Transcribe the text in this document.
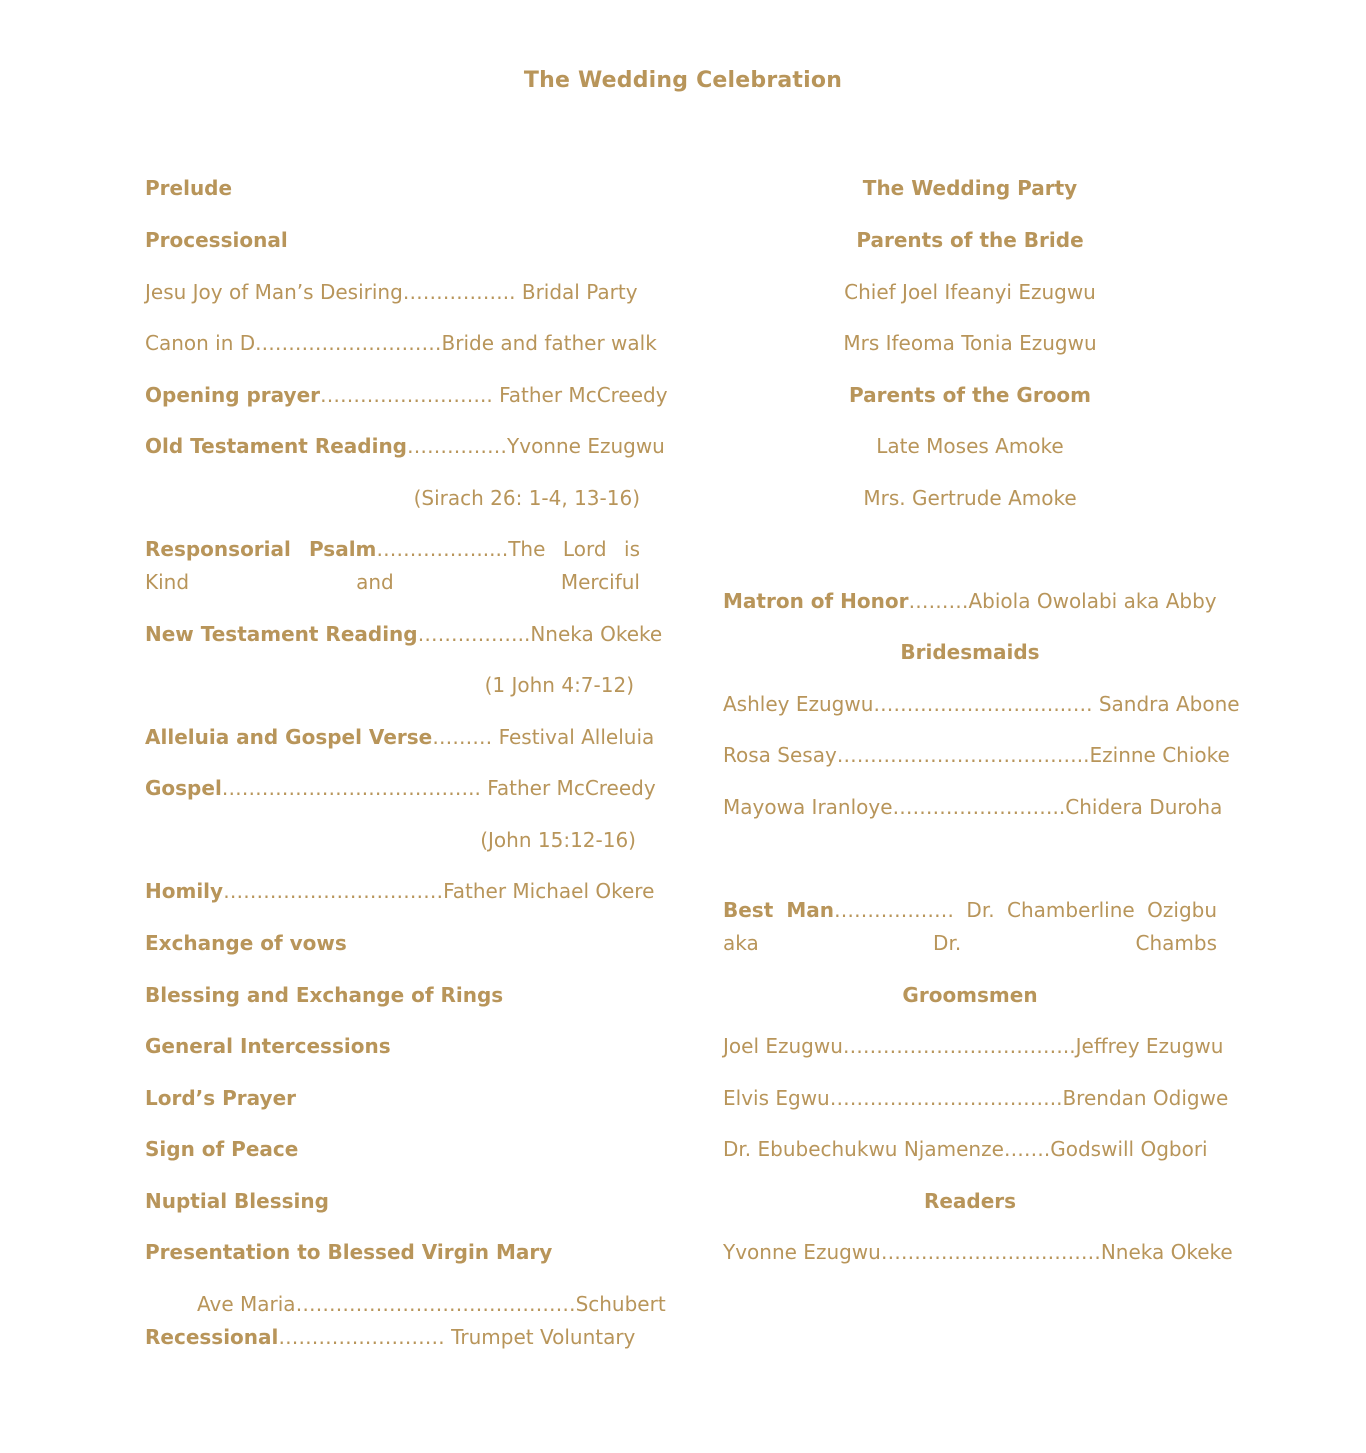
The Wedding Celebration
Prelude
Processional
Jesu Joy of Man’s Desiring…………….. Bridal Party
Canon in D.………………………Bride and father walk
Opening prayer…………………….. Father McCreedy
Old Testament Reading……………Yvonne Ezugwu
(Sirach 26: 1-4, 13-16)
Responsorial Psalm…………….....The Lord is Kind and Merciful
New Testament Reading……………..Nneka Okeke
(1 John 4:7-12)
Alleluia and Gospel Verse……… Festival Alleluia
Gospel………………….…………….. Father McCreedy
(John 15:12-16)
Homily……………………………Father Michael Okere
Exchange of vows
Blessing and Exchange of Rings
General Intercessions
Lord’s Prayer
Sign of Peace
Nuptial Blessing
Presentation to Blessed Virgin Mary
Ave Maria……………………………………Schubert
Recessional………….………… Trumpet Voluntary
The Wedding Party
Parents of the Bride
Chief Joel Ifeanyi Ezugwu
Mrs Ifeoma Tonia Ezugwu
Parents of the Groom
Late Moses Amoke
Mrs. Gertrude Amoke
Matron of Honor………Abiola Owolabi aka Abby
Bridesmaids
Ashley Ezugwu………………………..…. Sandra Abone
Rosa Sesay………………………………..Ezinne Chioke
Mayowa Iranloye……………………..Chidera Duroha
Best Man……………… Dr. Chamberline Ozigbu aka Dr. Chambs
Groomsmen
Joel Ezugwu……………………………..Jeffrey Ezugwu
Elvis Egwu……………………………..Brendan Odigwe
Dr. Ebubechukwu Njamenze…….Godswill Ogbori
Readers
Yvonne Ezugwu……………………………Nneka Okeke
